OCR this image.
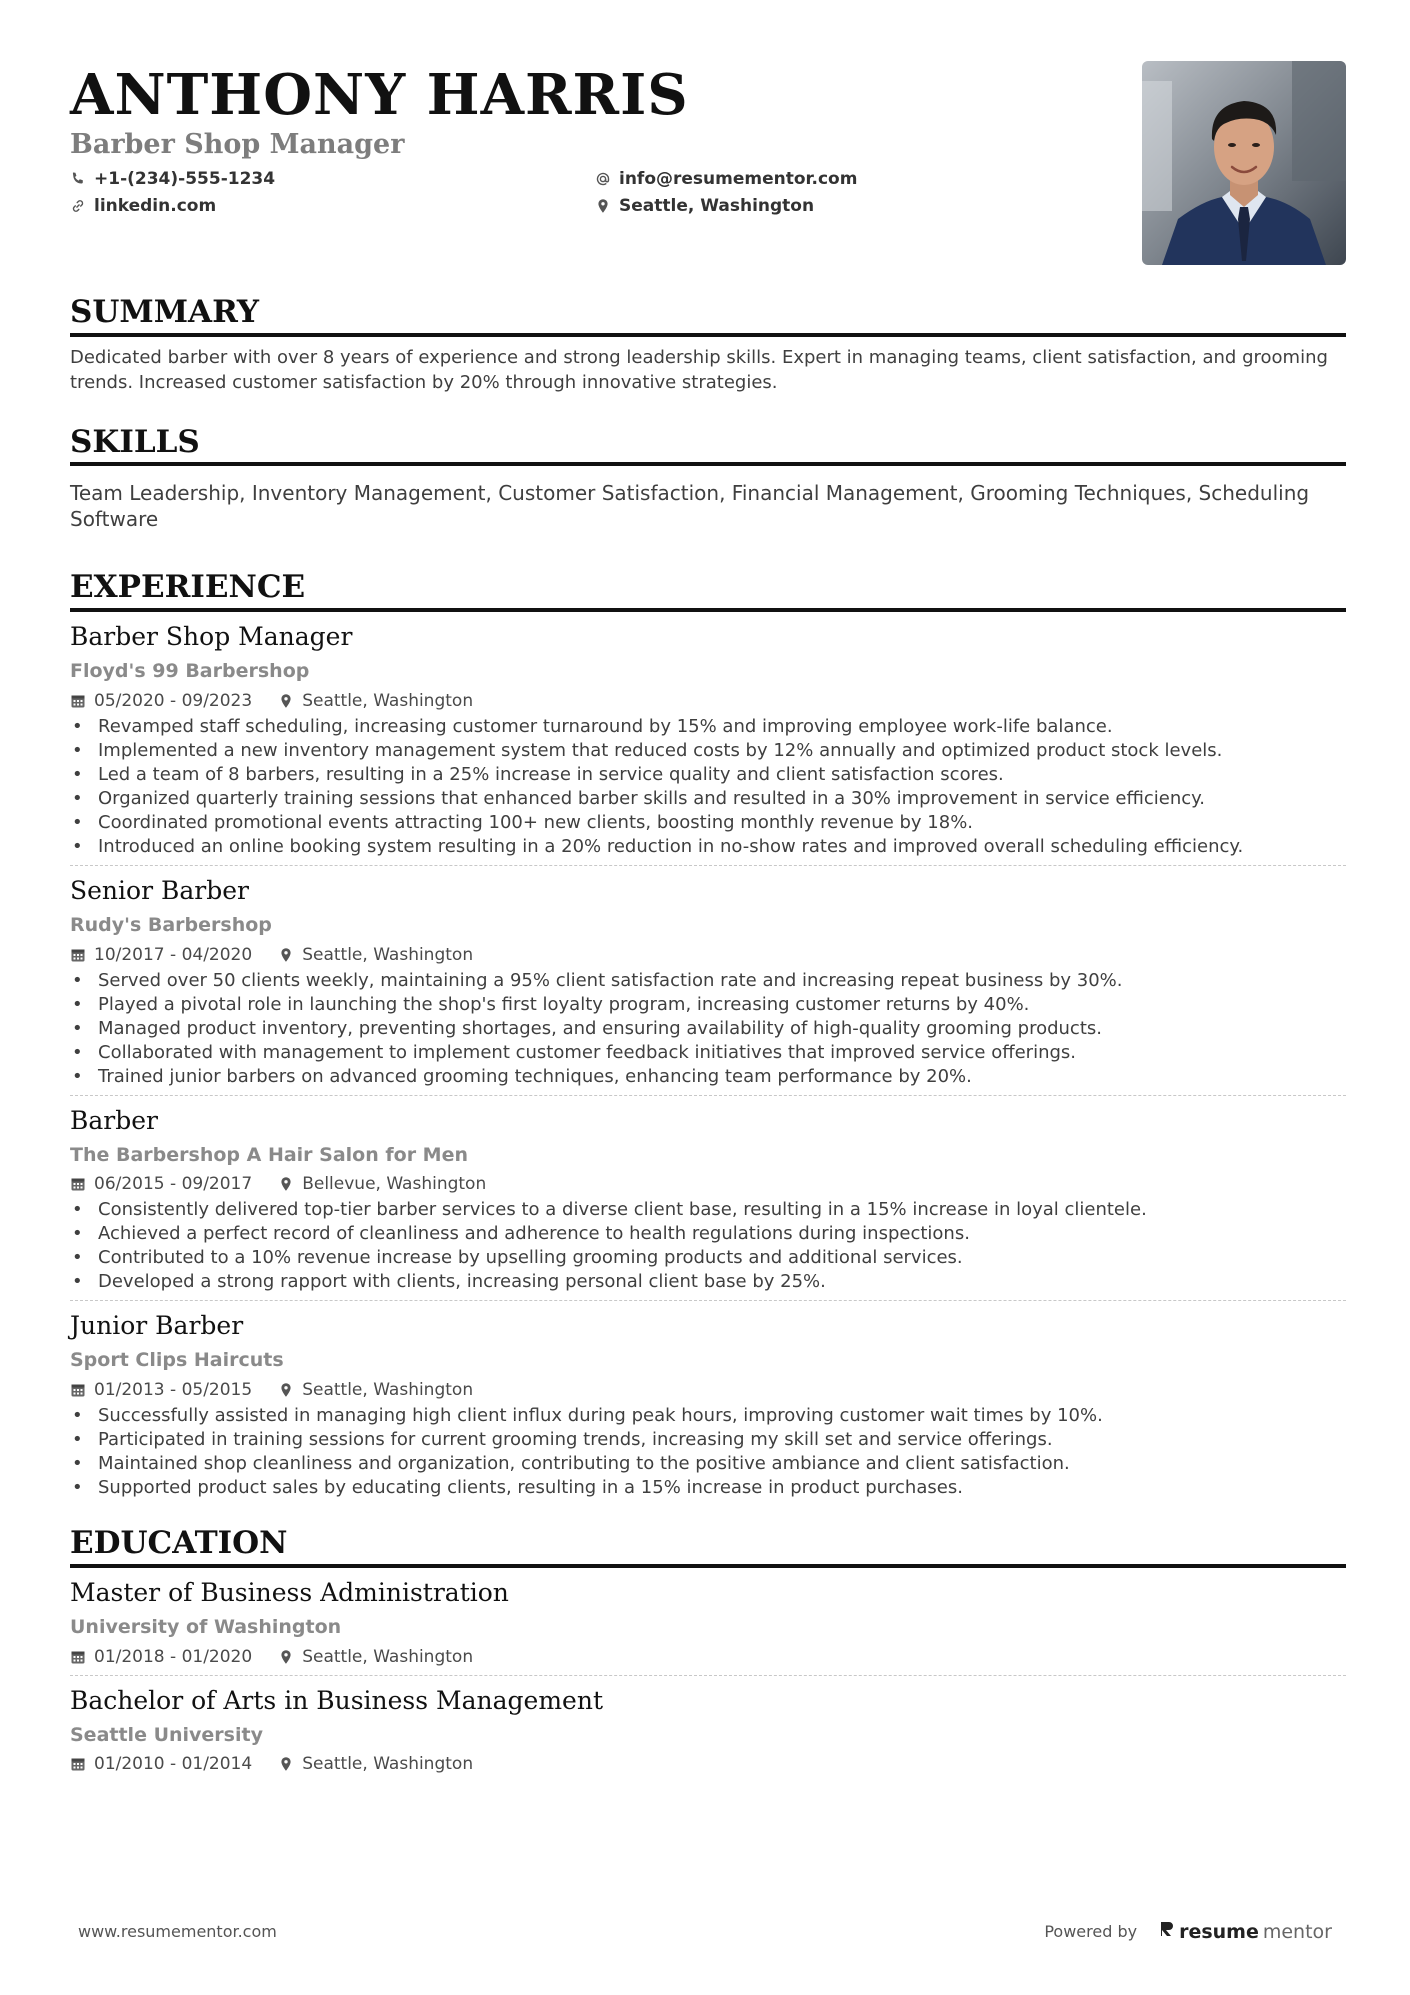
ANTHONY HARRIS
Barber Shop Manager
+1-(234)-555-1234	info@resumementor.com
linkedin.com	Seattle, Washington
SUMMARY
Dedicated barber with over 8 years of experience and strong leadership skills. Expert in managing teams, client satisfaction, and grooming trends. Increased customer satisfaction by 20% through innovative strategies.
SKILLS
Team Leadership, Inventory Management, Customer Satisfaction, Financial Management, Grooming Techniques, Scheduling Software
EXPERIENCE
Barber Shop Manager
Floyd's 99 Barbershop
05/2020 - 09/2023	Seattle, Washington
• Revamped staff scheduling, increasing customer turnaround by 15% and improving employee work-life balance.
• Implemented a new inventory management system that reduced costs by 12% annually and optimized product stock levels.
• Led a team of 8 barbers, resulting in a 25% increase in service quality and client satisfaction scores.
• Organized quarterly training sessions that enhanced barber skills and resulted in a 30% improvement in service efficiency.
• Coordinated promotional events attracting 100+ new clients, boosting monthly revenue by 18%.
• Introduced an online booking system resulting in a 20% reduction in no-show rates and improved overall scheduling efficiency.
Senior Barber
Rudy's Barbershop
10/2017 - 04/2020	Seattle, Washington
• Served over 50 clients weekly, maintaining a 95% client satisfaction rate and increasing repeat business by 30%.
• Played a pivotal role in launching the shop's first loyalty program, increasing customer returns by 40%.
• Managed product inventory, preventing shortages, and ensuring availability of high-quality grooming products.
• Collaborated with management to implement customer feedback initiatives that improved service offerings.
• Trained junior barbers on advanced grooming techniques, enhancing team performance by 20%.
Barber
The Barbershop A Hair Salon for Men
06/2015 - 09/2017	Bellevue, Washington
• Consistently delivered top-tier barber services to a diverse client base, resulting in a 15% increase in loyal clientele.
• Achieved a perfect record of cleanliness and adherence to health regulations during inspections.
• Contributed to a 10% revenue increase by upselling grooming products and additional services.
• Developed a strong rapport with clients, increasing personal client base by 25%.
Junior Barber
Sport Clips Haircuts
01/2013 - 05/2015	Seattle, Washington
• Successfully assisted in managing high client influx during peak hours, improving customer wait times by 10%.
• Participated in training sessions for current grooming trends, increasing my skill set and service offerings.
• Maintained shop cleanliness and organization, contributing to the positive ambiance and client satisfaction.
• Supported product sales by educating clients, resulting in a 15% increase in product purchases.
EDUCATION
Master of Business Administration
University of Washington
01/2018 - 01/2020	Seattle, Washington
Bachelor of Arts in Business Management
Seattle University
01/2010 - 01/2014	Seattle, Washington
www.resumementor.com	Powered by resume mentor
